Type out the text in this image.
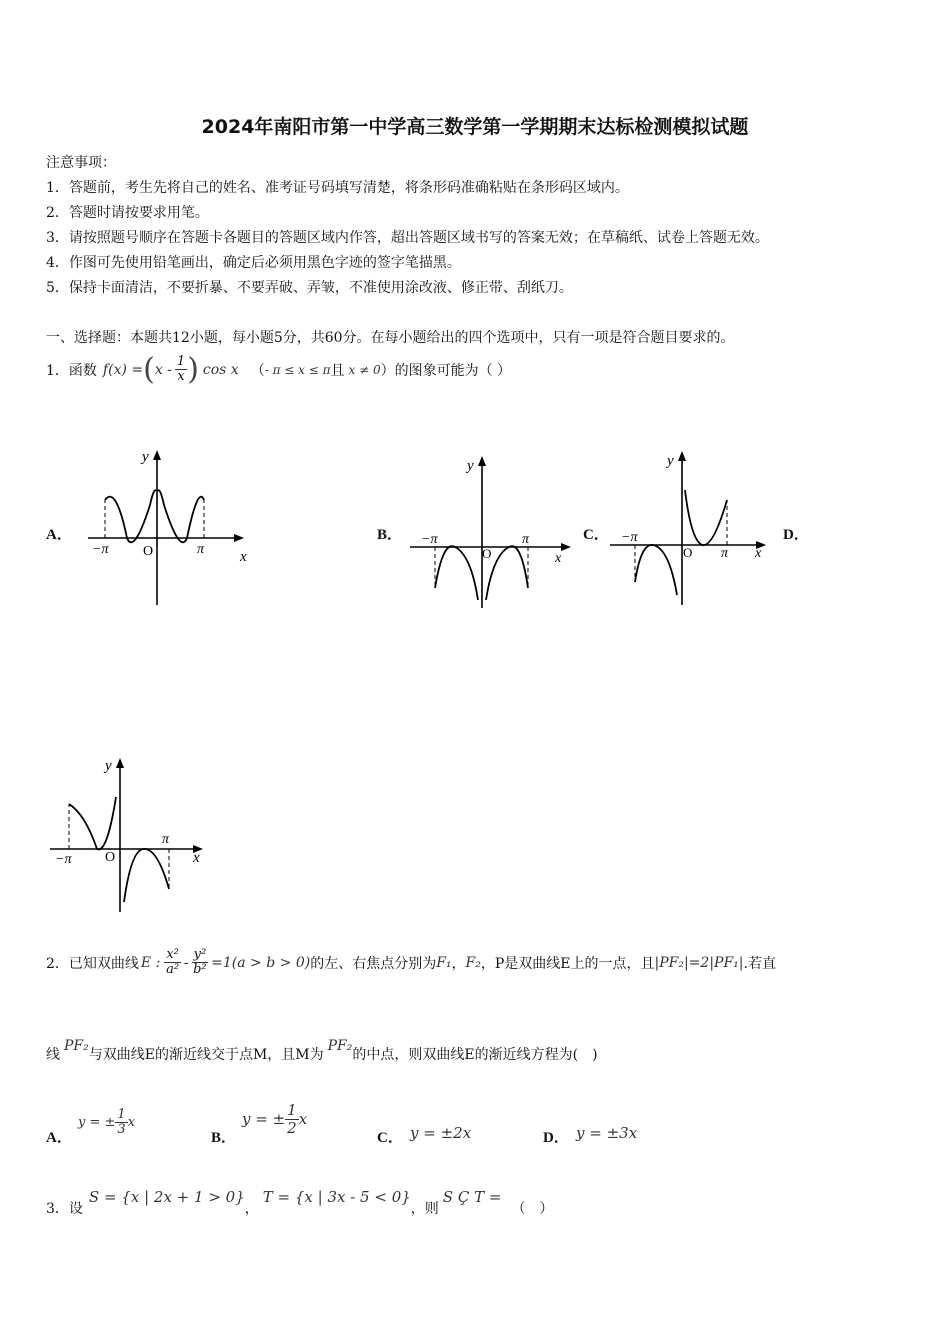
2024年南阳市第一中学高三数学第一学期期末达标检测模拟试题
注意事项：
1．答题前，考生先将自己的姓名、准考证号码填写清楚，将条形码准确粘贴在条形码区域内。
2．答题时请按要求用笔。
3．请按照题号顺序在答题卡各题目的答题区域内作答，超出答题区域书写的答案无效；在草稿纸、试卷上答题无效。
4．作图可先使用铅笔画出，确定后必须用黑色字迹的签字笔描黑。
5．保持卡面清洁，不要折暴、不要弄破、弄皱，不准使用涂改液、修正带、刮纸刀。
一、选择题：本题共12小题，每小题5分，共60分。在每小题给出的四个选项中，只有一项是符合题目要求的。
1．函数 f(x) = ( x - $\frac{1}{x}$ ) cos x （ - π ≤ x ≤ π 且 x ≠ 0 ）的图象可能为（ ）
A．	B．	C．	D．
y
x
O
−π	π
y
x
O
−π	π
y
x
O
−π
π
y
x
O
−π
π
2．已知双曲线 E : $\frac{\text{x²}}{\text{a²}} - \frac{\text{y²}}{\text{b²}} =1(a > b > 0)$ 的左、右焦点分别为 F₁ ， F₂ ，P是双曲线E上的一点，且 |PF₂|=2|PF₁| .若直
线
PF₂
与双曲线E的渐近线交于点M，且M为
PF₂
的中点，则双曲线E的渐近线方程为(　)
A．
y = ± $\frac{1}{3}$ x
B．
y = ± $\frac{1}{2}$ x
C． y = ±2x	D． y = ±3x
3．设
S = {x | 2x + 1 > 0}
，
T = {x | 3x - 5 < 0}
，则
S Ç T =
（　）
